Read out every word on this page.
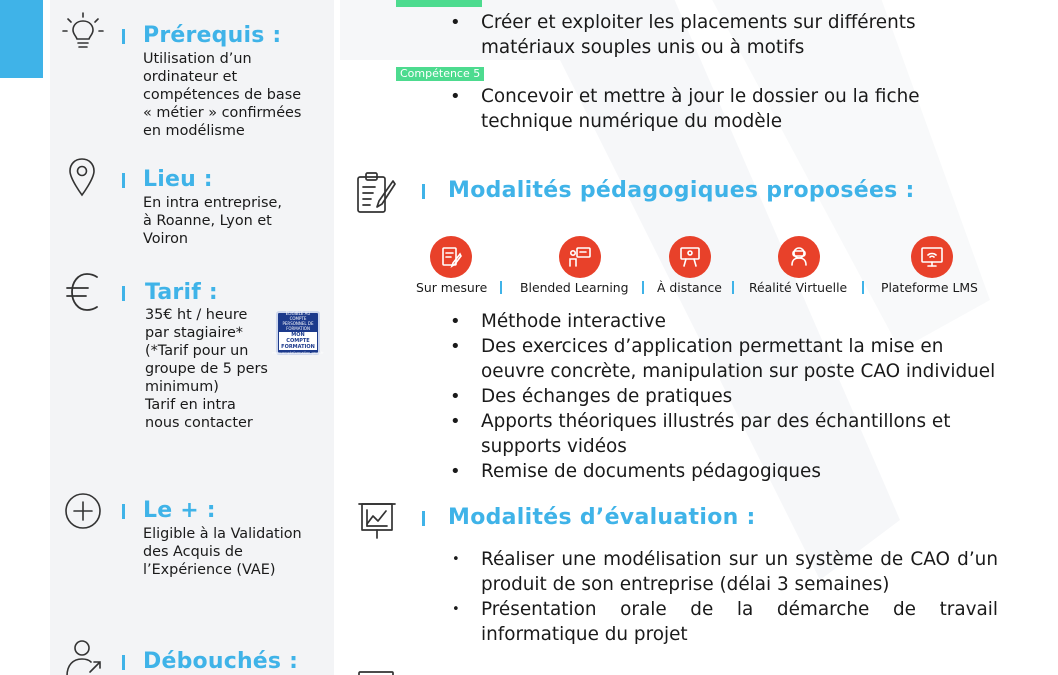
Prérequis :
Utilisation d’un
ordinateur et
compétences de base
« métier » confirmées
en modélisme
Lieu :
En intra entreprise,
à Roanne, Lyon et
Voiron
Tarif :
35€ ht / heure
par stagiaire*
(*Tarif pour un
groupe de 5 pers
minimum)
Tarif en intra
nous contacter
ELIGIBLE AU COMPTE PERSONNEL DE FORMATION
MON COMPTE FORMATION
moncompteformation.gouv.fr
Le + :
Eligible à la Validation
des Acquis de
l’Expérience (VAE)
Débouchés :
• Créer et exploiter les placements sur différents matériaux souples unis ou à motifs
Compétence 5
• Concevoir et mettre à jour le dossier ou la fiche technique numérique du modèle
Modalités pédagogiques proposées :
Sur mesure	Blended Learning À distance Réalité Virtuelle	Plateforme LMS
• Méthode interactive
• Des exercices d’application permettant la mise en oeuvre concrète, manipulation sur poste CAO individuel
• Des échanges de pratiques
• Apports théoriques illustrés par des échantillons et supports vidéos
• Remise de documents pédagogiques
Modalités d’évaluation :
• Réaliser une modélisation sur un système de CAO d’un produit de son entreprise (délai 3 semaines)
• Présentation orale de la démarche de travail informatique du projet
